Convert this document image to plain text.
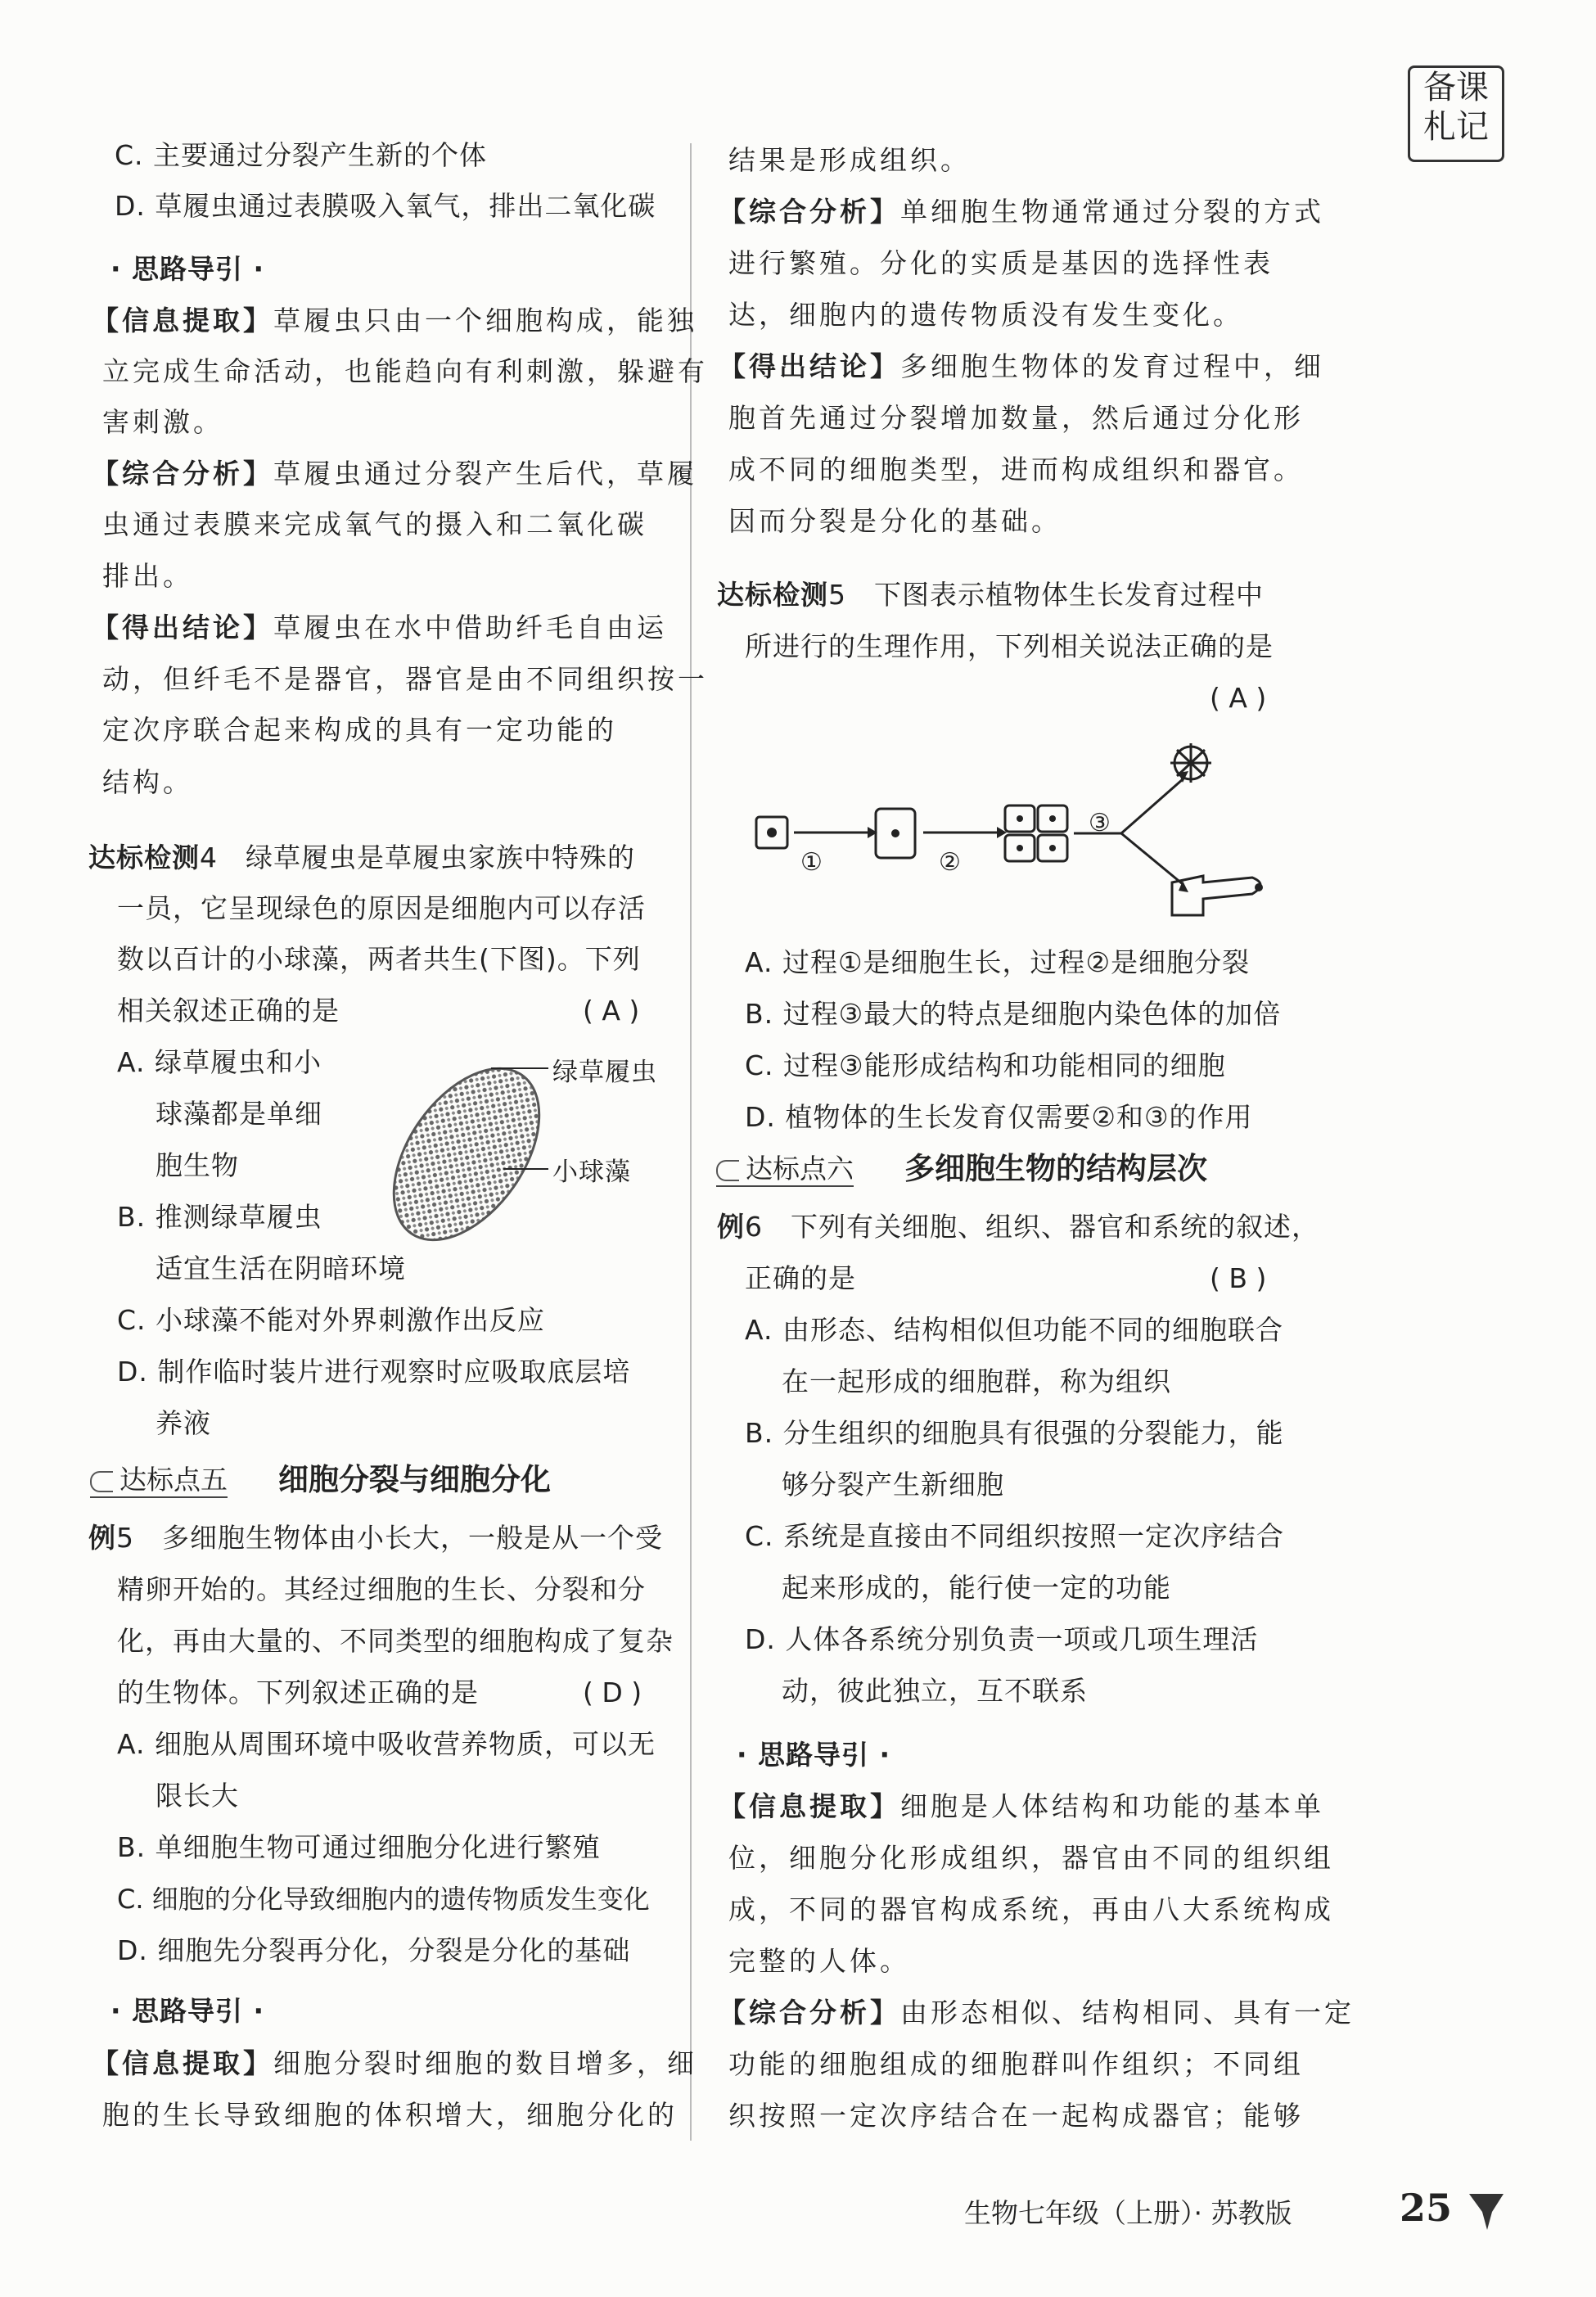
备课
札记
C. 主要通过分裂产生新的个体
D. 草履虫通过表膜吸入氧气，排出二氧化碳
· 思路导引 ·
【信息提取】草履虫只由一个细胞构成，能独
立完成生命活动，也能趋向有利刺激，躲避有
害刺激。
【综合分析】草履虫通过分裂产生后代，草履
虫通过表膜来完成氧气的摄入和二氧化碳
排出。
【得出结论】草履虫在水中借助纤毛自由运
动，但纤毛不是器官，器官是由不同组织按一
定次序联合起来构成的具有一定功能的
结构。
达标检测4　 绿草履虫是草履虫家族中特殊的
一员，它呈现绿色的原因是细胞内可以存活
数以百计的小球藻，两者共生(下图)。下列
相关叙述正确的是	( A )
A. 绿草履虫和小
球藻都是单细
胞生物
B. 推测绿草履虫
适宜生活在阴暗环境
C. 小球藻不能对外界刺激作出反应
D. 制作临时装片进行观察时应吸取底层培
养液
绿草履虫
小球藻
达标点五 细胞分裂与细胞分化
例5　 多细胞生物体由小长大，一般是从一个受
精卵开始的。其经过细胞的生长、分裂和分
化，再由大量的、不同类型的细胞构成了复杂
的生物体。下列叙述正确的是	( D )
A. 细胞从周围环境中吸收营养物质，可以无
限长大
B. 单细胞生物可通过细胞分化进行繁殖
C. 细胞的分化导致细胞内的遗传物质发生变化
D. 细胞先分裂再分化，分裂是分化的基础
· 思路导引 ·
【信息提取】细胞分裂时细胞的数目增多，细
胞的生长导致细胞的体积增大，细胞分化的
结果是形成组织。
【综合分析】单细胞生物通常通过分裂的方式
进行繁殖。分化的实质是基因的选择性表
达，细胞内的遗传物质没有发生变化。
【得出结论】多细胞生物体的发育过程中，细
胞首先通过分裂增加数量，然后通过分化形
成不同的细胞类型，进而构成组织和器官。
因而分裂是分化的基础。
达标检测5　 下图表示植物体生长发育过程中
所进行的生理作用，下列相关说法正确的是
( A )
①	②
③
A. 过程①是细胞生长，过程②是细胞分裂
B. 过程③最大的特点是细胞内染色体的加倍
C. 过程③能形成结构和功能相同的细胞
D. 植物体的生长发育仅需要②和③的作用
达标点六 多细胞生物的结构层次
例6　 下列有关细胞、组织、器官和系统的叙述，
正确的是	( B )
A. 由形态、结构相似但功能不同的细胞联合
在一起形成的细胞群，称为组织
B. 分生组织的细胞具有很强的分裂能力，能
够分裂产生新细胞
C. 系统是直接由不同组织按照一定次序结合
起来形成的，能行使一定的功能
D. 人体各系统分别负责一项或几项生理活
动，彼此独立，互不联系
· 思路导引 ·
【信息提取】细胞是人体结构和功能的基本单
位，细胞分化形成组织，器官由不同的组织组
成，不同的器官构成系统，再由八大系统构成
完整的人体。
【综合分析】由形态相似、结构相同、具有一定
功能的细胞组成的细胞群叫作组织；不同组
织按照一定次序结合在一起构成器官；能够
生物七年级（上册）· 苏教版	25
